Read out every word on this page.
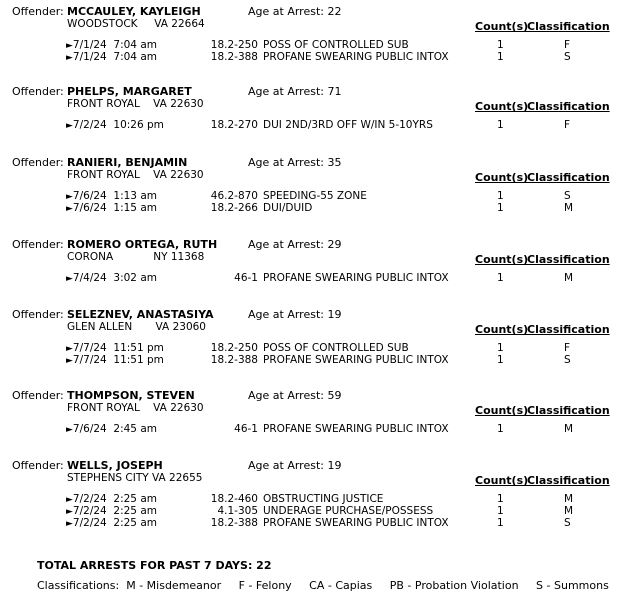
Offender: MCCAULEY, KAYLEIGH	Age at Arrest: 22
WOODSTOCK     VA 22664	Count(s)
Classification
►7/1/24 7:04 am	18.2-250 POSS OF CONTROLLED SUB	1	F
►7/1/24 7:04 am	18.2-388 PROFANE SWEARING PUBLIC INTOX	1	S
Offender: PHELPS, MARGARET	Age at Arrest: 71
FRONT ROYAL    VA 22630	Count(s)
Classification
►7/2/24 10:26 pm	18.2-270 DUI 2ND/3RD OFF W/IN 5-10YRS	1	F
Offender: RANIERI, BENJAMIN	Age at Arrest: 35
FRONT ROYAL    VA 22630	Count(s)
Classification
►7/6/24 1:13 am	46.2-870 SPEEDING-55 ZONE	1	S
►7/6/24 1:15 am	18.2-266 DUI/DUID	1	M
Offender: ROMERO ORTEGA, RUTH	Age at Arrest: 29
CORONA            NY 11368	Count(s)
Classification
►7/4/24 3:02 am	46-1 PROFANE SWEARING PUBLIC INTOX	1	M
Offender: SELEZNEV, ANASTASIYA	Age at Arrest: 19
GLEN ALLEN       VA 23060	Count(s)
Classification
►7/7/24 11:51 pm	18.2-250 POSS OF CONTROLLED SUB	1	F
►7/7/24 11:51 pm	18.2-388 PROFANE SWEARING PUBLIC INTOX	1	S
Offender: THOMPSON, STEVEN	Age at Arrest: 59
FRONT ROYAL    VA 22630	Count(s)
Classification
►7/6/24 2:45 am	46-1 PROFANE SWEARING PUBLIC INTOX	1	M
Offender: WELLS, JOSEPH	Age at Arrest: 19
STEPHENS CITY VA 22655	Count(s)
Classification
►7/2/24 2:25 am	18.2-460 OBSTRUCTING JUSTICE	1	M
►7/2/24 2:25 am	4.1-305 UNDERAGE PURCHASE/POSSESS	1	M
►7/2/24 2:25 am	18.2-388 PROFANE SWEARING PUBLIC INTOX	1	S
TOTAL ARRESTS FOR PAST 7 DAYS: 22
Classifications:  M - Misdemeanor     F - Felony     CA - Capias     PB - Probation Violation     S - Summons
